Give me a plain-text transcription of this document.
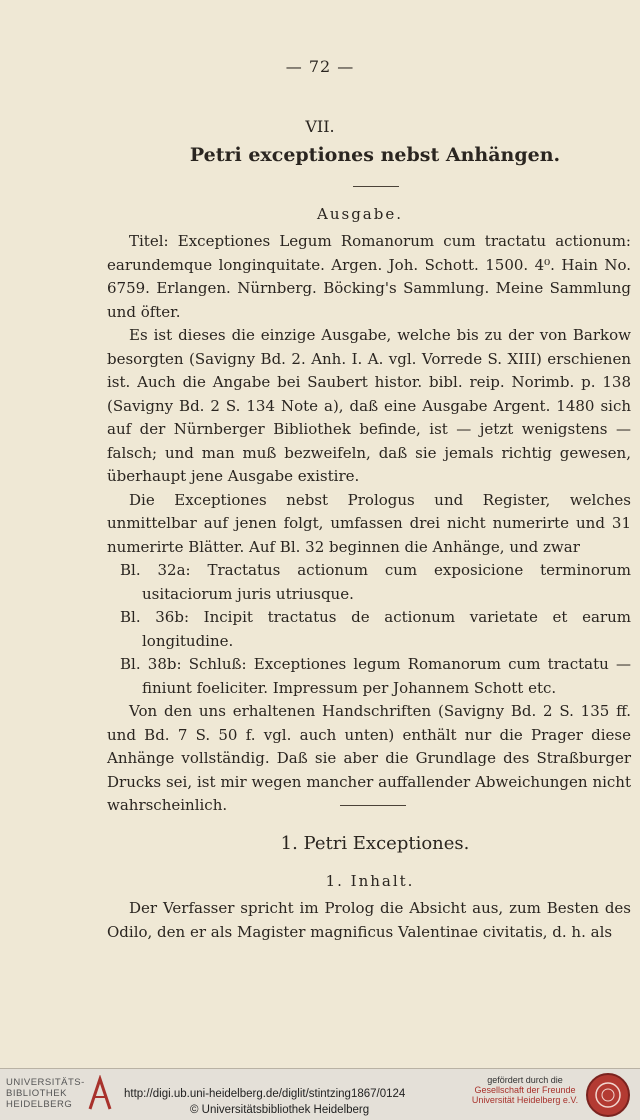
— 72 —
VII.
Petri exceptiones nebst Anhängen.
Ausgabe.

Titel: Exceptiones Legum Romanorum cum tractatu actionum: earundemque longinquitate. Argen. Joh. Schott. 1500. 4⁰. Hain No. 6759. Erlangen. Nürnberg. Böcking's Sammlung. Meine Sammlung und öfter.

Es ist dieses die einzige Ausgabe, welche bis zu der von Barkow besorgten (Savigny Bd. 2. Anh. I. A. vgl. Vorrede S. XIII) erschienen ist. Auch die Angabe bei Saubert histor. bibl. reip. Norimb. p. 138 (Savigny Bd. 2 S. 134 Note a), daß eine Ausgabe Argent. 1480 sich auf der Nürnberger Bibliothek befinde, ist — jetzt wenigstens — falsch; und man muß bezweifeln, daß sie jemals richtig gewesen, überhaupt jene Ausgabe existire.

Die Exceptiones nebst Prologus und Register, welches unmittelbar auf jenen folgt, umfassen drei nicht numerirte und 31 numerirte Blätter. Auf Bl. 32 beginnen die Anhänge, und zwar

Bl. 32a: Tractatus actionum cum exposicione terminorum usitaciorum juris utriusque.

Bl. 36b: Incipit tractatus de actionum varietate et earum longitudine.

Bl. 38b: Schluß: Exceptiones legum Romanorum cum tractatu — finiunt foeliciter. Impressum per Johannem Schott etc.

Von den uns erhaltenen Handschriften (Savigny Bd. 2 S. 135 ff. und Bd. 7 S. 50 f. vgl. auch unten) enthält nur die Prager diese Anhänge vollständig. Daß sie aber die Grundlage des Straßburger Drucks sei, ist mir wegen mancher auffallender Abweichungen nicht wahrscheinlich.

1. Petri Exceptiones.
1. Inhalt.

Der Verfasser spricht im Prolog die Absicht aus, zum Besten des Odilo, den er als Magister magnificus Valentinae civitatis, d. h. als

UNIVERSITÄTS-
BIBLIOTHEK
HEIDELBERG
http://digi.ub.uni-heidelberg.de/diglit/stintzing1867/0124
© Universitätsbibliothek Heidelberg
gefördert durch die
Gesellschaft der Freunde
Universität Heidelberg e.V.
